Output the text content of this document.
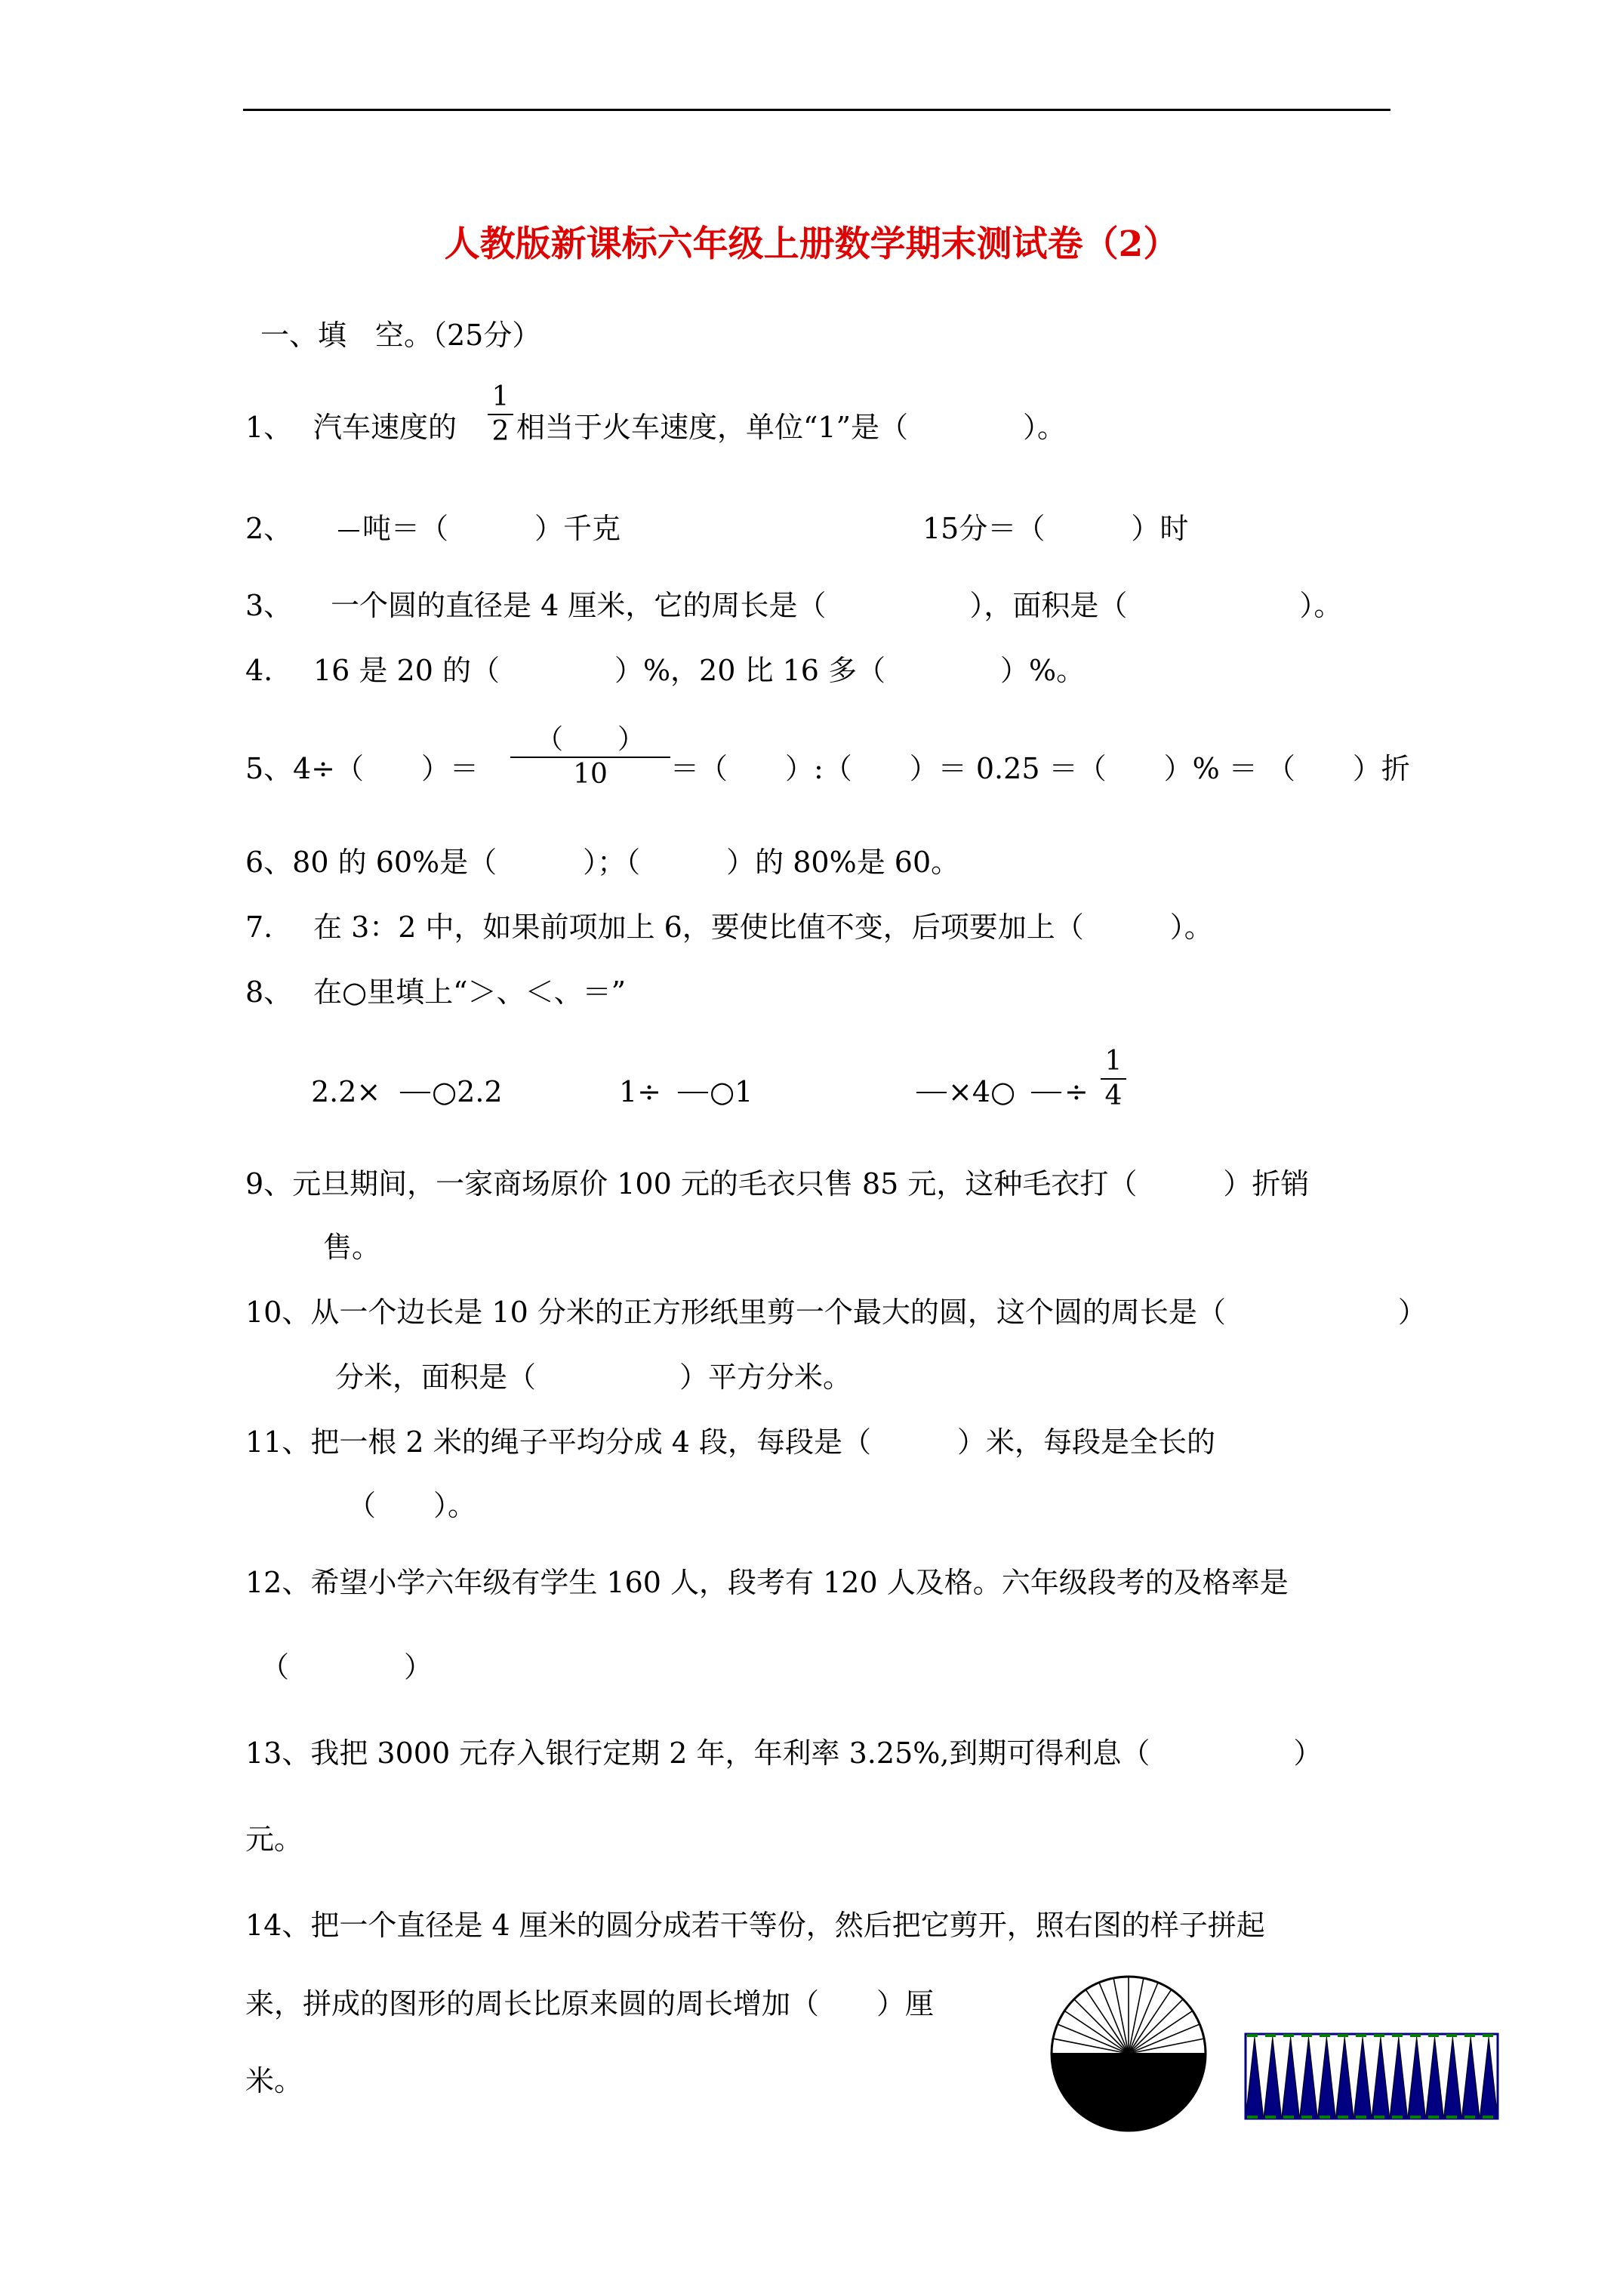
人教版新课标六年级上册数学期末测试卷（2）
一、填　空。（25分）
1、 汽车速度的
1
2 相当于火车速度，单位“1”是（　　　　）。
2、 吨＝（　　　）千克	15分＝（　　　）时
3、 一个圆的直径是 4 厘米，它的周长是（　　　　　），面积是（　　　　　　）。
4. 16 是 20 的（　　　　）%，20 比 16 多（　　　　）%。
5、 4÷（　　）＝
（　　）
10	＝（　　）:（　　）＝ 0.25 ＝（　　）% ＝ （　　）折
6、80 的 60%是（　　　）；（　　　）的 80%是 60。
7. 在 3：2 中，如果前项加上 6，要使比值不变，后项要加上（　　　）。
8、 在○里填上“＞、＜、＝”
2.2× ○2.2	1÷ ○1	×4○ ÷
1
4
9、元旦期间，一家商场原价 100 元的毛衣只售 85 元，这种毛衣打（　　　）折销
售。
10、从一个边长是 10 分米的正方形纸里剪一个最大的圆，这个圆的周长是（　　　　　　）
分米，面积是（　　　　　）平方分米。
11、把一根 2 米的绳子平均分成 4 段，每段是（　　　）米，每段是全长的
（　　）。
12、希望小学六年级有学生 160 人，段考有 120 人及格。六年级段考的及格率是
（　　　　）
13、我把 3000 元存入银行定期 2 年，年利率 3.25%,到期可得利息（　　　　　）
元。
14、把一个直径是 4 厘米的圆分成若干等份，然后把它剪开，照右图的样子拼起
来，拼成的图形的周长比原来圆的周长增加（　　）厘
米。
